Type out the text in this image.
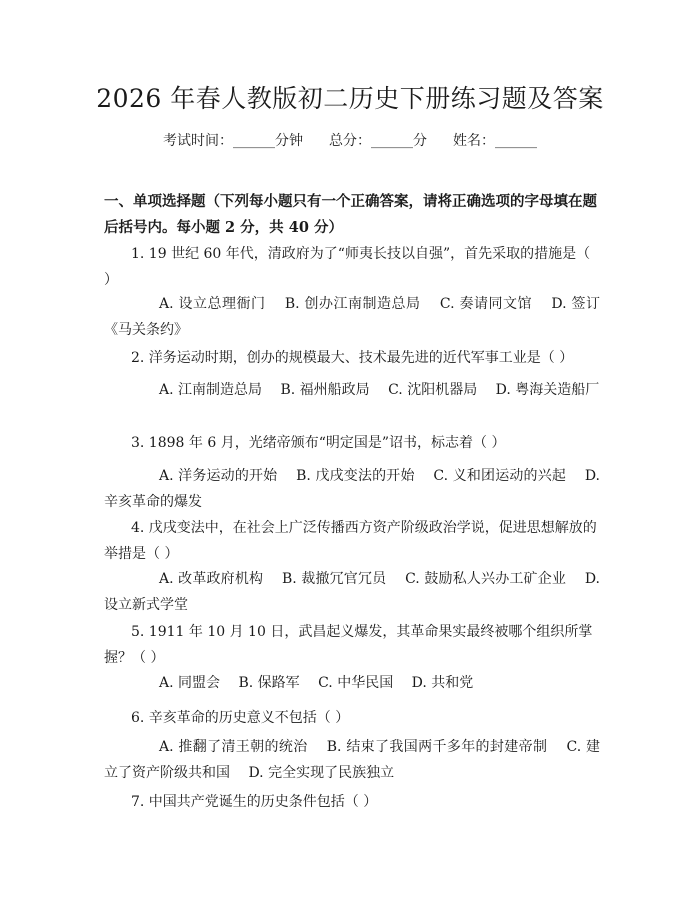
2026 年春人教版初二历史下册练习题及答案
考试时间：______分钟 总分：______分 姓名：______
一、单项选择题（下列每小题只有一个正确答案，请将正确选项的字母填在题后括号内。每小题 2 分，共 40 分）
1. 19 世纪 60 年代，清政府为了“师夷长技以自强”，首先采取的措施是（ ）
A. 设立总理衙门　 B. 创办江南制造总局　 C. 奏请同文馆　 D. 签订《马关条约》
2. 洋务运动时期，创办的规模最大、技术最先进的近代军事工业是（ ）
A. 江南制造总局　 B. 福州船政局　 C. 沈阳机器局　 D. 粤海关造船厂
3. 1898 年 6 月，光绪帝颁布“明定国是”诏书，标志着（ ）
A. 洋务运动的开始　 B. 戊戌变法的开始　 C. 义和团运动的兴起　 D. 辛亥革命的爆发
4. 戊戌变法中，在社会上广泛传播西方资产阶级政治学说，促进思想解放的举措是（ ）
A. 改革政府机构　 B. 裁撤冗官冗员　 C. 鼓励私人兴办工矿企业　 D. 设立新式学堂
5. 1911 年 10 月 10 日，武昌起义爆发，其革命果实最终被哪个组织所掌握？（ ）
A. 同盟会　 B. 保路军　 C. 中华民国　 D. 共和党
6. 辛亥革命的历史意义不包括（ ）
A. 推翻了清王朝的统治　 B. 结束了我国两千多年的封建帝制　 C. 建立了资产阶级共和国　 D. 完全实现了民族独立
7. 中国共产党诞生的历史条件包括（ ）
